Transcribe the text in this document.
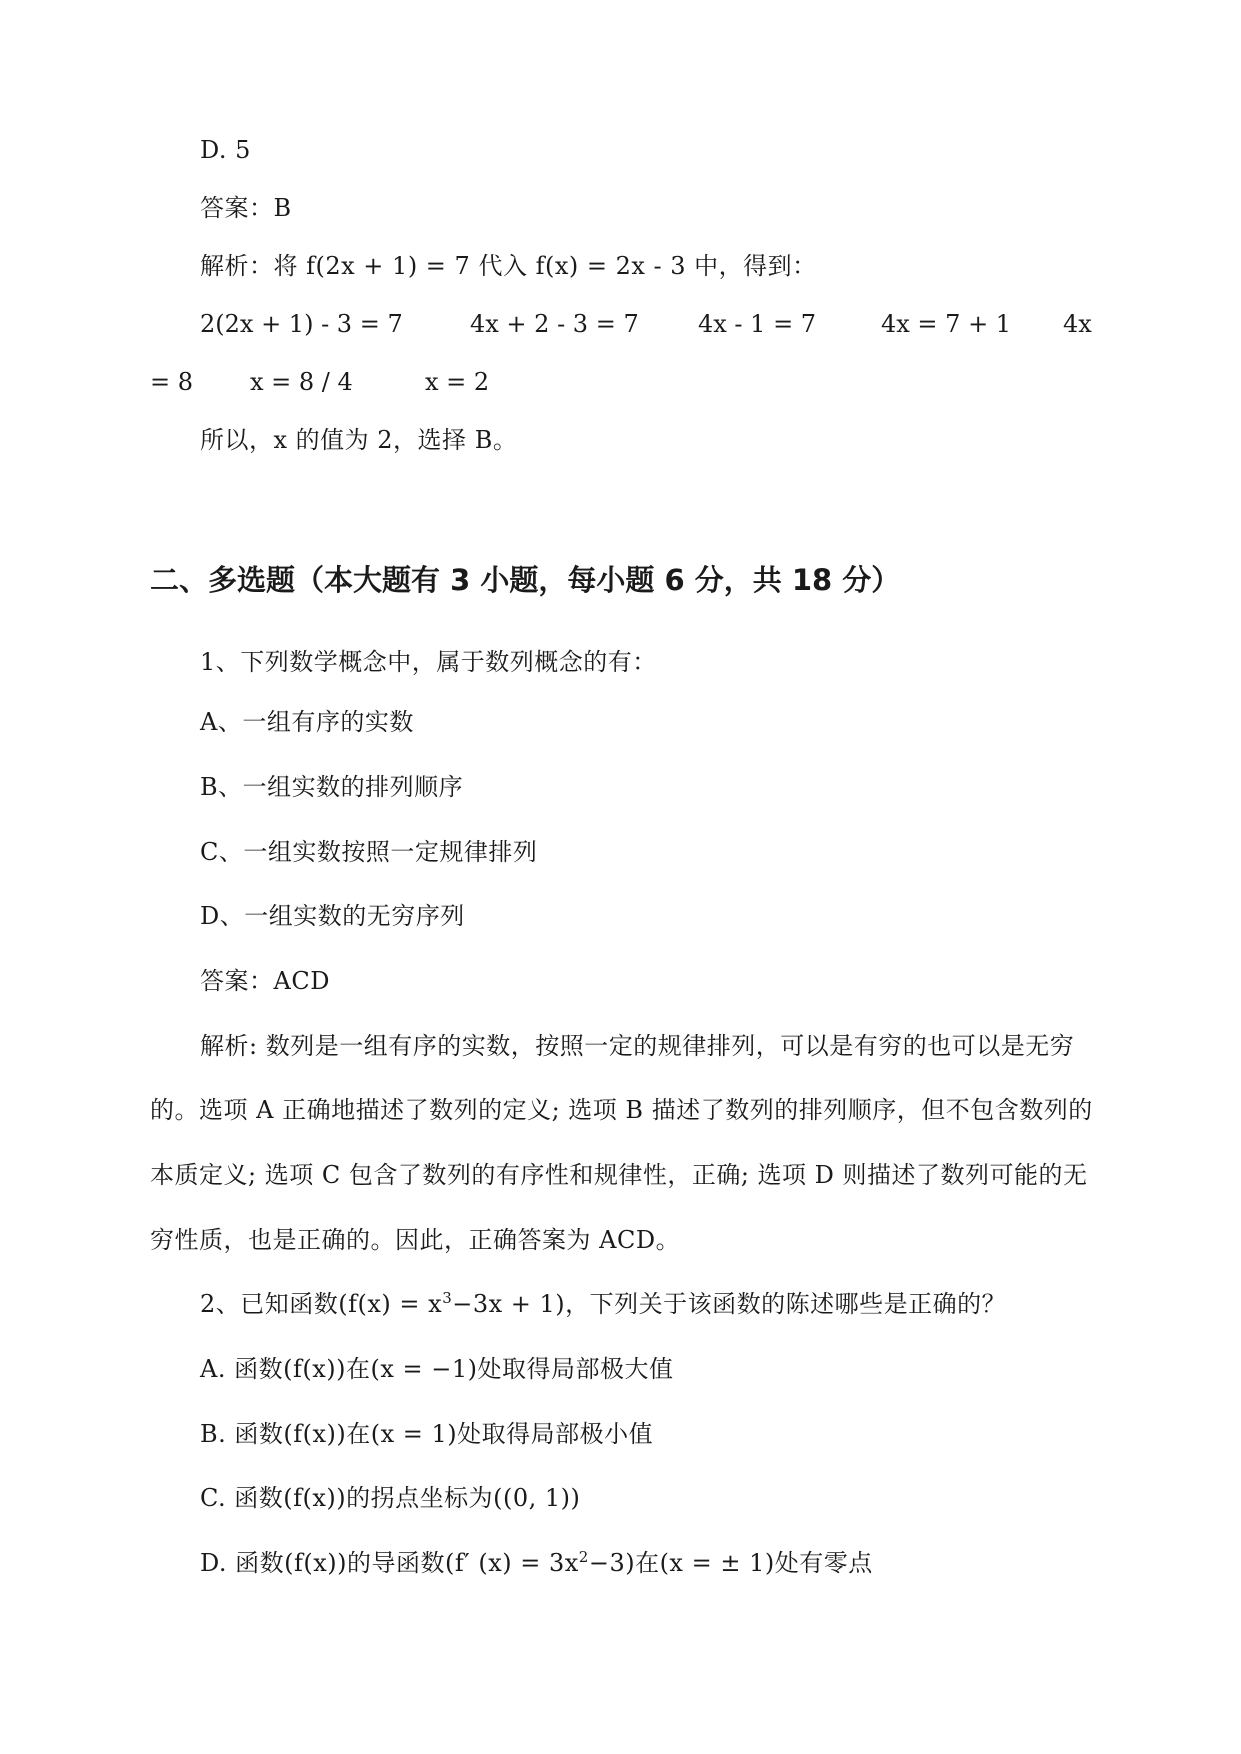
D. 5
答案：B
解析：将 f(2x + 1) = 7 代入 f(x) = 2x - 3 中，得到：
2(2x + 1) - 3 = 7	4x + 2 - 3 = 7 4x - 1 = 7	4x = 7 + 1 4x
= 8 x = 8 / 4	x = 2
所以，x 的值为 2，选择 B。
二、多选题（本大题有 3 小题，每小题 6 分，共 18 分）
1、下列数学概念中，属于数列概念的有：
A、一组有序的实数
B、一组实数的排列顺序
C、一组实数按照一定规律排列
D、一组实数的无穷序列
答案：ACD
解析: 数列是一组有序的实数，按照一定的规律排列，可以是有穷的也可以是无穷
的。选项 A 正确地描述了数列的定义; 选项 B 描述了数列的排列顺序，但不包含数列的
本质定义; 选项 C 包含了数列的有序性和规律性，正确; 选项 D 则描述了数列可能的无
穷性质，也是正确的。因此，正确答案为 ACD。
2、已知函数$(f(x) = x^3-3x + 1)$，下列关于该函数的陈述哪些是正确的？
A. 函数(f(x))在(x = −1)处取得局部极大值
B. 函数(f(x))在(x = 1)处取得局部极小值
C. 函数(f(x))的拐点坐标为((0, 1))
D. 函数(f(x))的导函数(f′ $(x) = 3x^2-3$)在(x = ± 1)处有零点
